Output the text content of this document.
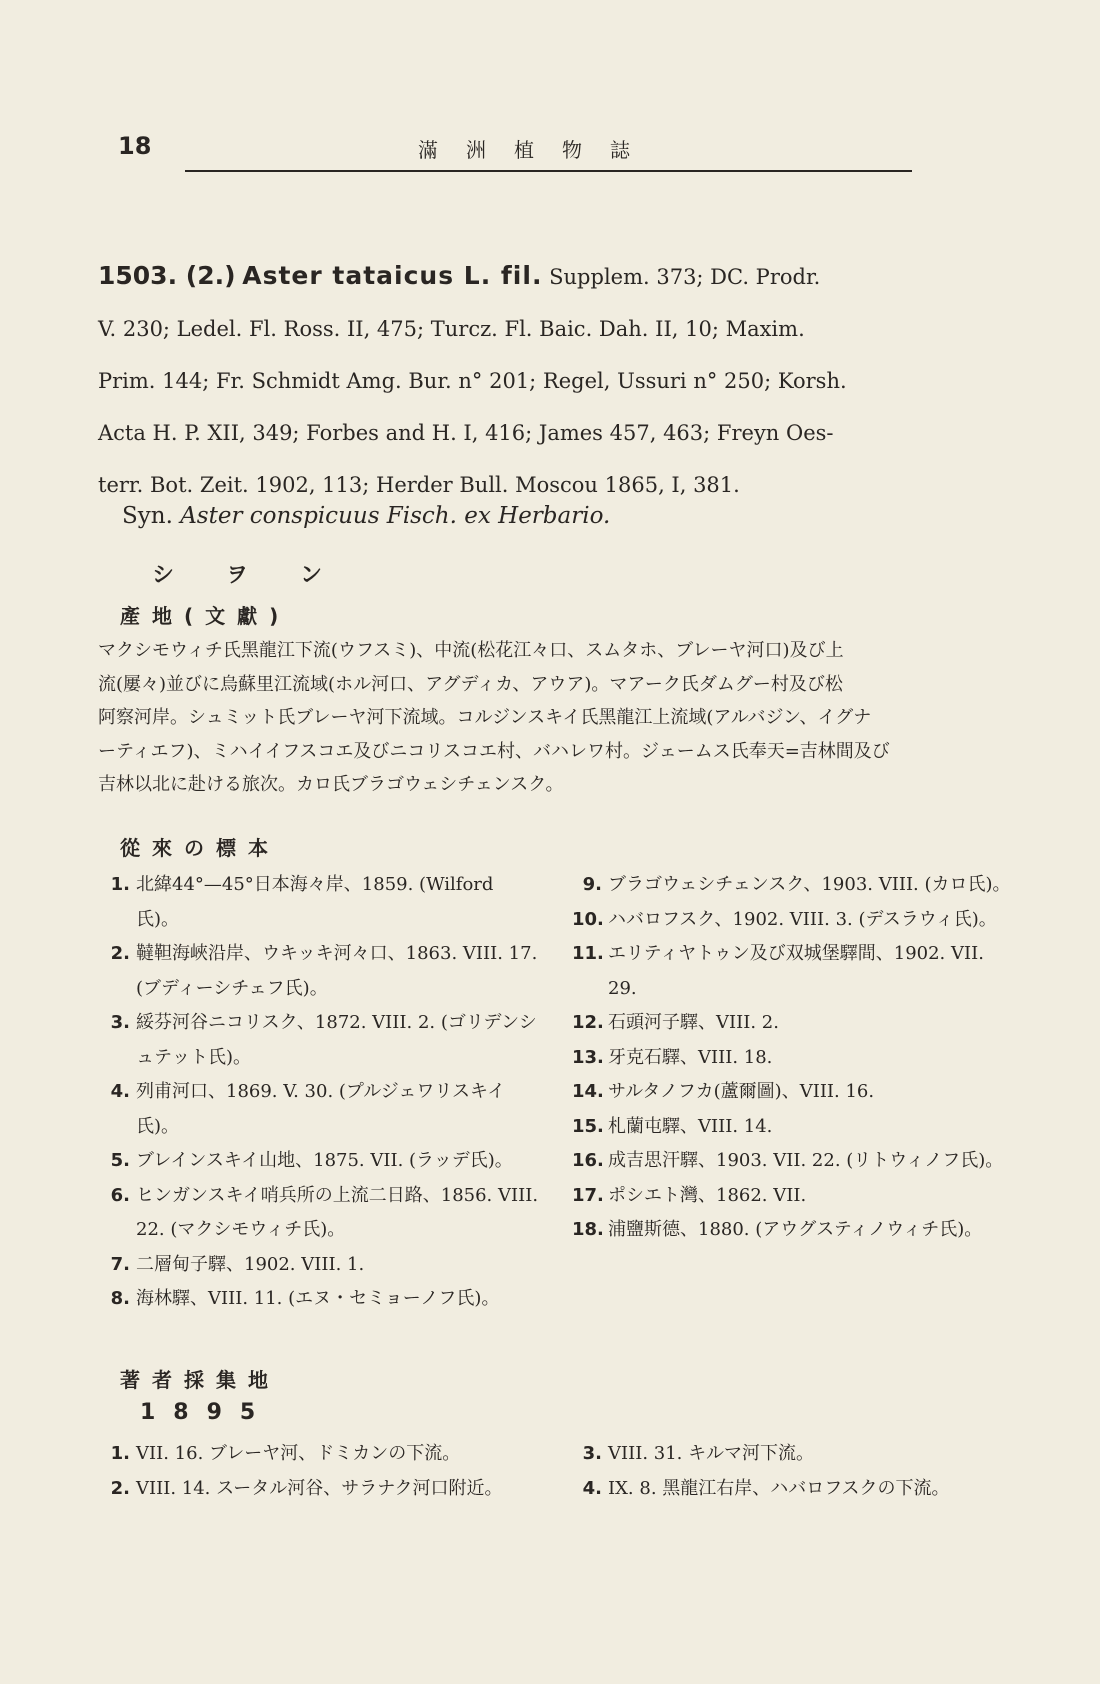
18	滿洲植物誌
1503. (2.) Aster tataicus L. fil. Supplem. 373; DC. Prodr.
V. 230; Ledel. Fl. Ross. II, 475; Turcz. Fl. Baic. Dah. II, 10; Maxim.
Prim. 144; Fr. Schmidt Amg. Bur. n° 201; Regel, Ussuri n° 250; Korsh.
Acta H. P. XII, 349; Forbes and H. I, 416; James 457, 463; Freyn Oes-
terr. Bot. Zeit. 1902, 113; Herder Bull. Moscou 1865, I, 381.
Syn. Aster conspicuus Fisch. ex Herbario.
シヲン
產地(文獻)

マクシモウィチ氏黑龍江下流(ウフスミ)、中流(松花江々口、スムタホ、ブレーヤ河口)及び上

流(屢々)並びに烏蘇里江流域(ホル河口、アグディカ、アウア)。マアーク氏ダムグー村及び松

阿察河岸。シュミット氏ブレーヤ河下流域。コルジンスキイ氏黑龍江上流域(アルバジン、イグナ

ーティエフ)、ミハイイフスコエ及びニコリスコエ村、バハレワ村。ジェームス氏奉天=吉林間及び

吉林以北に赴ける旅次。カロ氏ブラゴウェシチェンスク。

從來の標本
1. 北緯44°—45°日本海々岸、1859. (Wilford 氏)。
2. 韃靼海峽沿岸、ウキッキ河々口、1863. VIII. 17. (ブディーシチェフ氏)。
3. 綏芬河谷ニコリスク、1872. VIII. 2. (ゴリデンシュテット氏)。
4. 列甫河口、1869. V. 30. (プルジェワリスキイ氏)。
5. ブレインスキイ山地、1875. VII. (ラッデ氏)。
6. ヒンガンスキイ哨兵所の上流二日路、1856. VIII. 22. (マクシモウィチ氏)。
7. 二層甸子驛、1902. VIII. 1.
8. 海林驛、VIII. 11. (エヌ・セミョーノフ氏)。
9. ブラゴウェシチェンスク、1903. VIII. (カロ氏)。
10. ハバロフスク、1902. VIII. 3. (デスラウィ氏)。
11. エリティヤトゥン及び双城堡驛間、1902. VII. 29.
12. 石頭河子驛、VIII. 2.
13. 牙克石驛、VIII. 18.
14. サルタノフカ(蘆爾圖)、VIII. 16.
15. 札蘭屯驛、VIII. 14.
16. 成吉思汗驛、1903. VII. 22. (リトウィノフ氏)。
17. ポシエト灣、1862. VII.
18. 浦鹽斯德、1880. (アウグスティノウィチ氏)。
著者採集地
1895
1. VII. 16. ブレーヤ河、ドミカンの下流。
2. VIII. 14. スータル河谷、サラナク河口附近。
3. VIII. 31. キルマ河下流。
4. IX. 8. 黑龍江右岸、ハバロフスクの下流。
